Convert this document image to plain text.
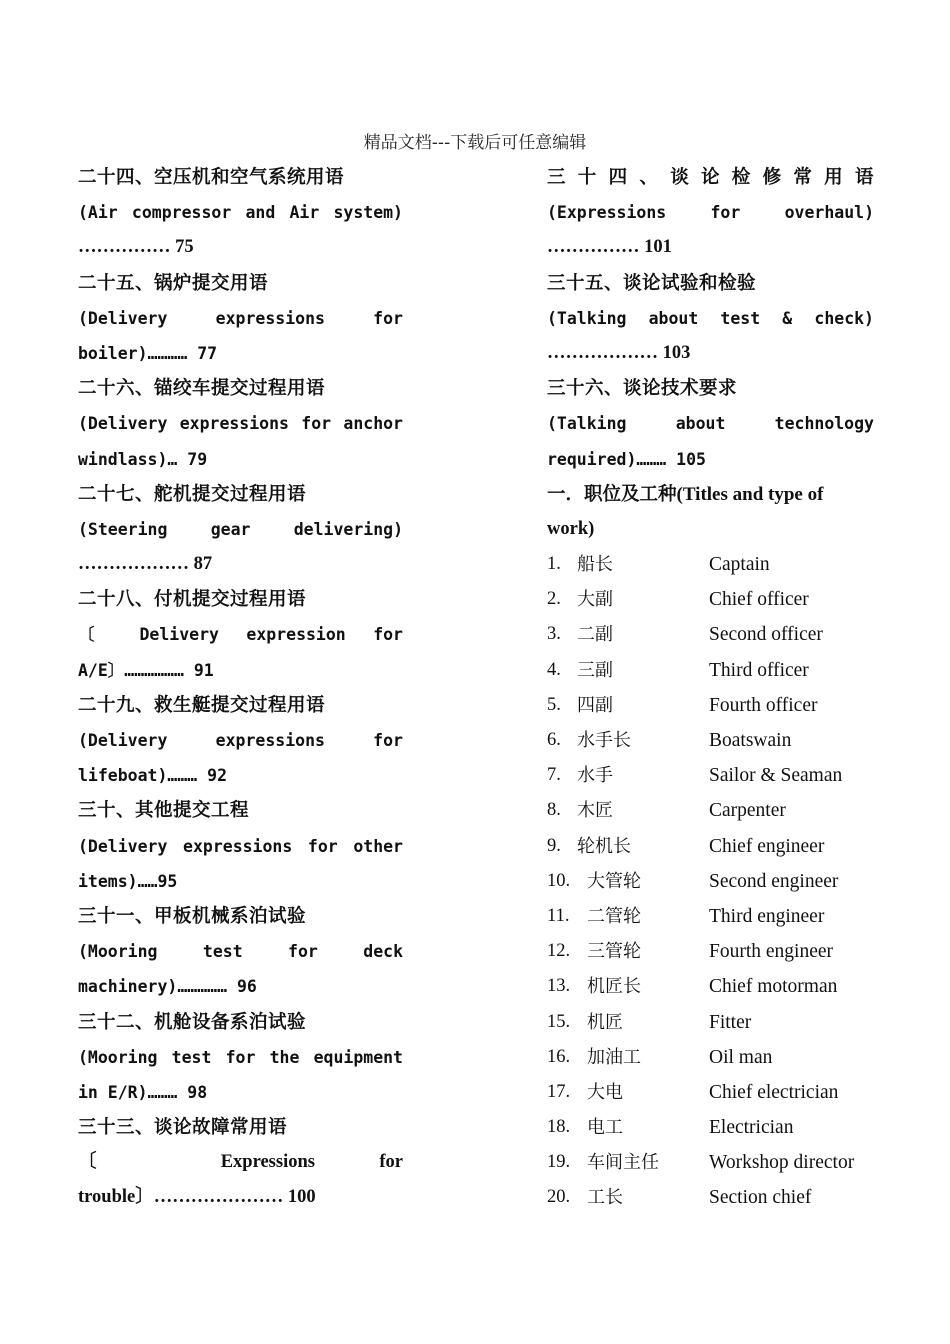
精品文档---下载后可任意编辑
二十四、空压机和空气系统用语
(Air compressor and Air system)
…………… 75
二十五、锅炉提交用语
(Delivery expressions for
boiler)………… 77
二十六、锚绞车提交过程用语
(Delivery expressions for anchor
windlass)… 79
二十七、舵机提交过程用语
(Steering gear delivering)
……………… 87
二十八、付机提交过程用语
〔 Delivery expression for
A/E〕……………… 91
二十九、救生艇提交过程用语
(Delivery expressions for
lifeboat)……… 92
三十、其他提交工程
(Delivery expressions for other
items)……95
三十一、甲板机械系泊试验
(Mooring test for deck
machinery)…………… 96
三十二、机舱设备系泊试验
(Mooring test for the equipment
in E/R)……… 98
三十三、谈论故障常用语
〔 Expressions for
trouble〕………………… 100
三十四、谈论检修常用语
(Expressions for overhaul)
…………… 101
三十五、谈论试验和检验
(Talking about test & check)
……………… 103
三十六、谈论技术要求
(Talking about technology
required)……… 105
一．职位及工种(Titles and type of
work)
1. 船长	Captain
2. 大副	Chief officer
3. 二副	Second officer
4. 三副	Third officer
5. 四副	Fourth officer
6. 水手长	Boatswain
7. 水手	Sailor & Seaman
8. 木匠	Carpenter
9. 轮机长	Chief engineer
10. 大管轮	Second engineer
11. 二管轮	Third engineer
12. 三管轮	Fourth engineer
13. 机匠长	Chief motorman
15. 机匠	Fitter
16. 加油工	Oil man
17. 大电	Chief electrician
18. 电工	Electrician
19. 车间主任	Workshop director
20. 工长	Section chief
